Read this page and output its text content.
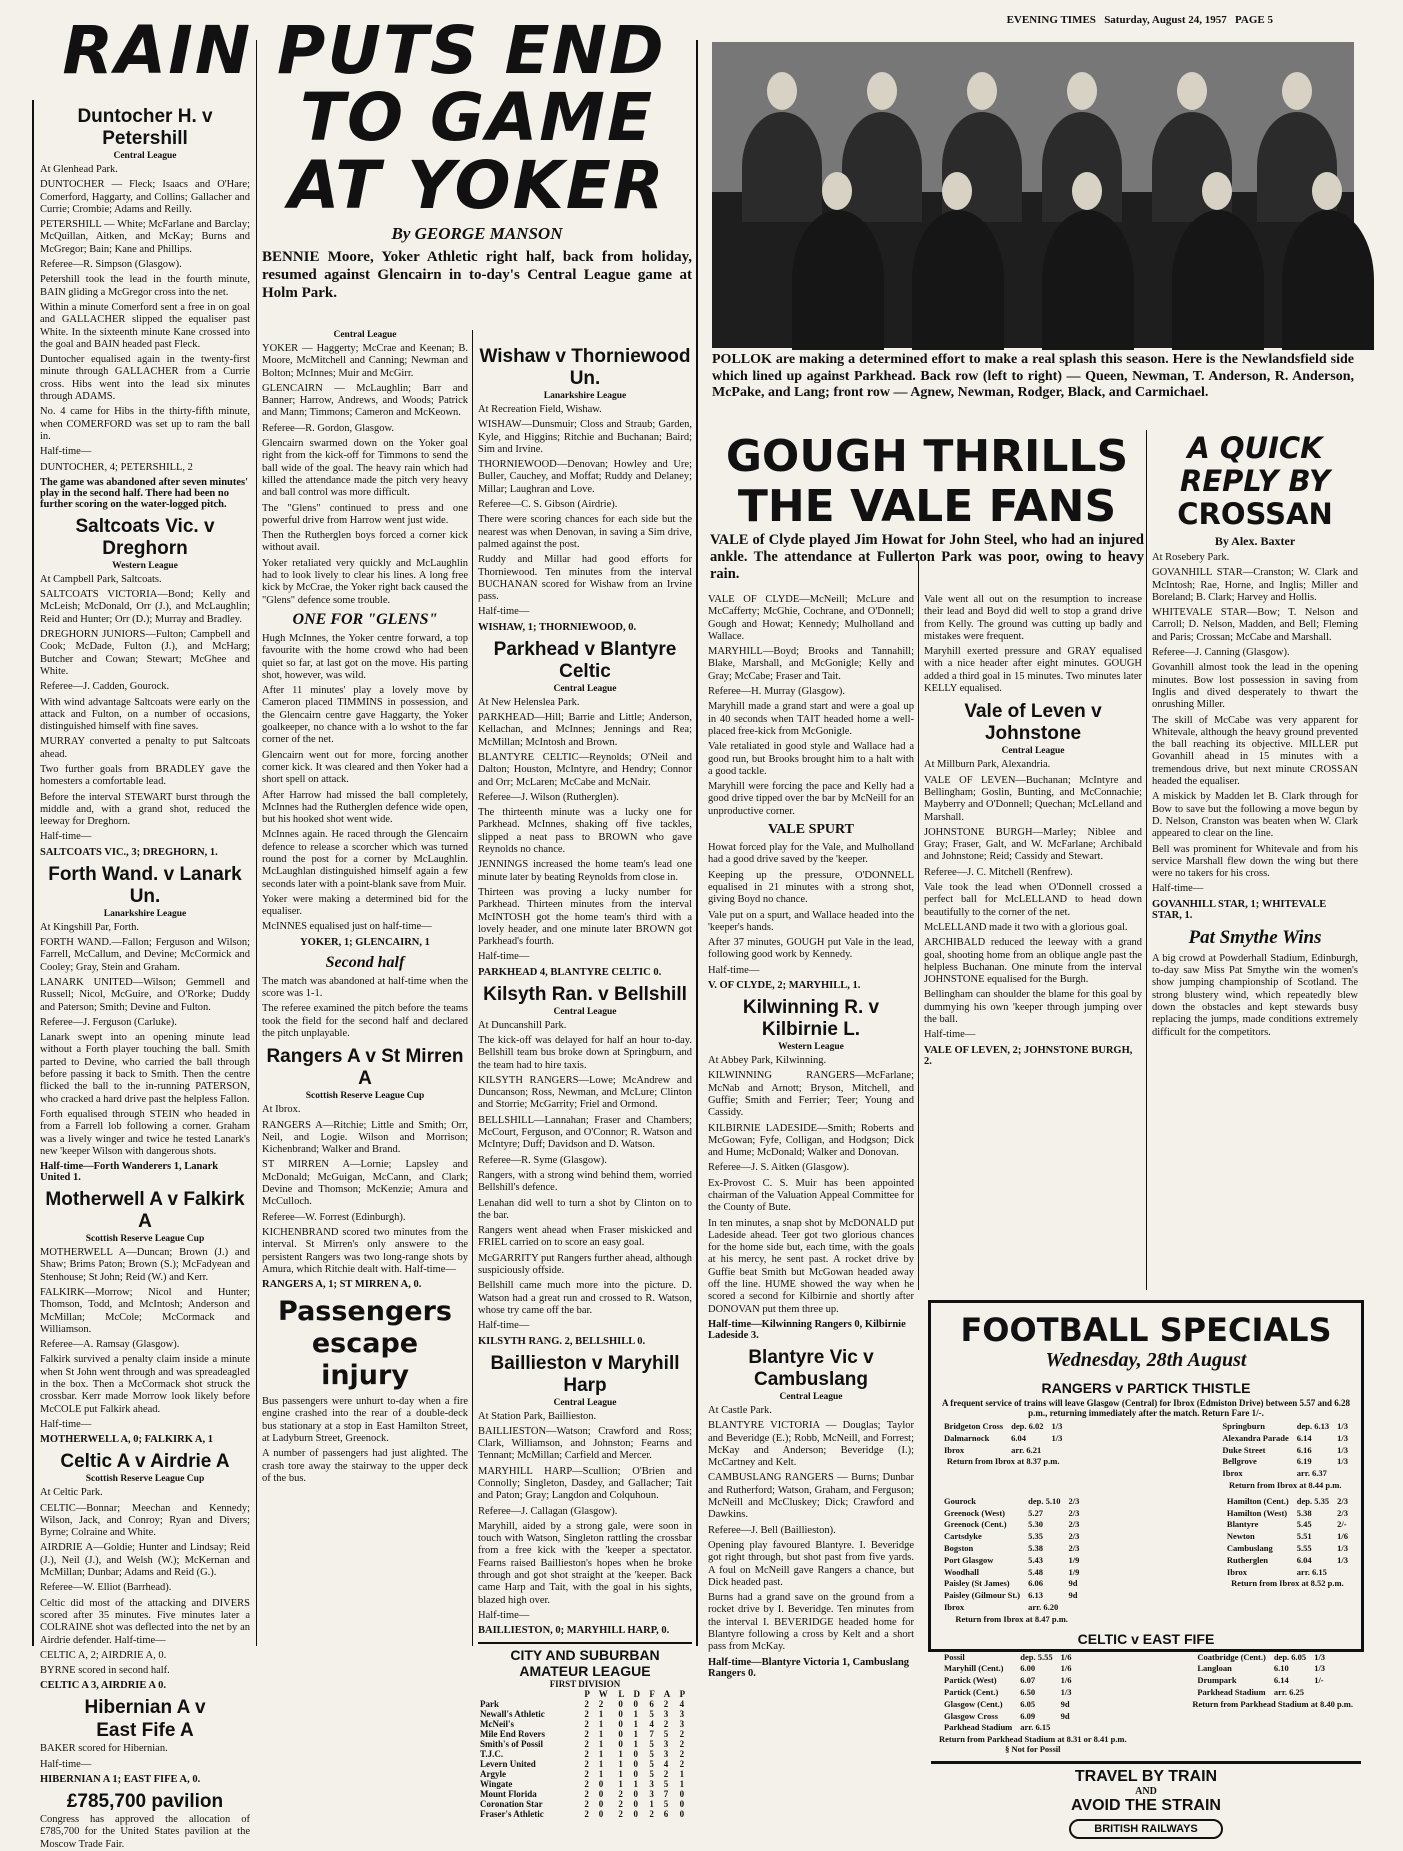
EVENING TIMES Saturday, August 24, 1957 PAGE 5
RAIN PUTS END
Duntocher H. v Petershill

Central League

At Glenhead Park.

DUNTOCHER — Fleck; Isaacs and O'Hare; Comerford, Haggarty, and Collins; Gallacher and Currie; Crombie; Adams and Reilly.

PETERSHILL — White; McFarlane and Barclay; McQuillan, Aitken, and McKay; Burns and McGregor; Bain; Kane and Phillips.

Referee—R. Simpson (Glasgow).

Petershill took the lead in the fourth minute, BAIN gliding a McGregor cross into the net.

Within a minute Comerford sent a free in on goal and GALLACHER slipped the equaliser past White. In the sixteenth minute Kane crossed into the goal and BAIN headed past Fleck.

Duntocher equalised again in the twenty-first minute through GALLACHER from a Currie cross. Hibs went into the lead six minutes through ADAMS.

No. 4 came for Hibs in the thirty-fifth minute, when COMERFORD was set up to ram the ball in.

Half-time—

DUNTOCHER, 4; PETERSHILL, 2

The game was abandoned after seven minutes' play in the second half. There had been no further scoring on the water-logged pitch.

Saltcoats Vic. v Dreghorn

Western League

At Campbell Park, Saltcoats.

SALTCOATS VICTORIA—Bond; Kelly and McLeish; McDonald, Orr (J.), and McLaughlin; Reid and Hunter; Orr (D.); Murray and Bradley.

DREGHORN JUNIORS—Fulton; Campbell and Cook; McDade, Fulton (J.), and McHarg; Butcher and Cowan; Stewart; McGhee and White.

Referee—J. Cadden, Gourock.

With wind advantage Saltcoats were early on the attack and Fulton, on a number of occasions, distinguished himself with fine saves.

MURRAY converted a penalty to put Saltcoats ahead.

Two further goals from BRADLEY gave the homesters a comfortable lead.

Before the interval STEWART burst through the middle and, with a grand shot, reduced the leeway for Dreghorn.

Half-time—

SALTCOATS VIC., 3; DREGHORN, 1.

Forth Wand. v Lanark Un.

Lanarkshire League

At Kingshill Par, Forth.

FORTH WAND.—Fallon; Ferguson and Wilson; Farrell, McCallum, and Devine; McCormick and Cooley; Gray, Stein and Graham.

LANARK UNITED—Wilson; Gemmell and Russell; Nicol, McGuire, and O'Rorke; Duddy and Paterson; Smith; Devine and Fulton.

Referee—J. Ferguson (Carluke).

Lanark swept into an opening minute lead without a Forth player touching the ball. Smith parted to Devine, who carried the ball through before passing it back to Smith. Then the centre flicked the ball to the in-running PATERSON, who cracked a hard drive past the helpless Fallon.

Forth equalised through STEIN who headed in from a Farrell lob following a corner. Graham was a lively winger and twice he tested Lanark's new 'keeper Wilson with dangerous shots.

Half-time—Forth Wanderers 1, Lanark United 1.

Motherwell A v Falkirk A

Scottish Reserve League Cup

MOTHERWELL A—Duncan; Brown (J.) and Shaw; Brims Paton; Brown (S.); McFadyean and Stenhouse; St John; Reid (W.) and Kerr.

FALKIRK—Morrow; Nicol and Hunter; Thomson, Todd, and McIntosh; Anderson and McMillan; McCole; McCormack and Williamson.

Referee—A. Ramsay (Glasgow).

Falkirk survived a penalty claim inside a minute when St John went through and was spreadeagled in the box. Then a McCormack shot struck the crossbar. Kerr made Morrow look likely before McCOLE put Falkirk ahead.

Half-time—

MOTHERWELL A, 0; FALKIRK A, 1

Celtic A v Airdrie A

Scottish Reserve League Cup

At Celtic Park.

CELTIC—Bonnar; Meechan and Kennedy; Wilson, Jack, and Conroy; Ryan and Divers; Byrne; Colraine and White.

AIRDRIE A—Goldie; Hunter and Lindsay; Reid (J.), Neil (J.), and Welsh (W.); McKernan and McMillan; Dunbar; Adams and Reid (G.).

Referee—W. Elliot (Barrhead).

Celtic did most of the attacking and DIVERS scored after 35 minutes. Five minutes later a COLRAINE shot was deflected into the net by an Airdrie defender. Half-time—

CELTIC A, 2; AIRDRIE A, 0.

BYRNE scored in second half.

CELTIC A 3, AIRDRIE A 0.

Hibernian A v
East Fife A

BAKER scored for Hibernian.

Half-time—

HIBERNIAN A 1; EAST FIFE A, 0.

£785,700 pavilion

Congress has approved the allocation of £785,700 for the United States pavilion at the Moscow Trade Fair.

TO GAME
AT YOKER
By GEORGE MANSON

BENNIE Moore, Yoker Athletic right half, back from holiday, resumed against Glencairn in to-day's Central League game at Holm Park.

Central League

YOKER — Haggerty; McCrae and Keenan; B. Moore, McMitchell and Canning; Newman and Bolton; McInnes; Muir and McGirr.

GLENCAIRN — McLaughlin; Barr and Banner; Harrow, Andrews, and Woods; Patrick and Mann; Timmons; Cameron and McKeown.

Referee—R. Gordon, Glasgow.

Glencairn swarmed down on the Yoker goal right from the kick-off for Timmons to send the ball wide of the goal. The heavy rain which had killed the attendance made the pitch very heavy and ball control was more difficult.

The "Glens" continued to press and one powerful drive from Harrow went just wide.

Then the Rutherglen boys forced a corner kick without avail.

Yoker retaliated very quickly and McLaughlin had to look lively to clear his lines. A long free kick by McCrae, the Yoker right back caused the "Glens" defence some trouble.

ONE FOR "GLENS"

Hugh McInnes, the Yoker centre forward, a top favourite with the home crowd who had been quiet so far, at last got on the move. His parting shot, however, was wild.

After 11 minutes' play a lovely move by Cameron placed TIMMINS in possession, and the Glencairn centre gave Haggarty, the Yoker goalkeeper, no chance with a lo wshot to the far corner of the net.

Glencairn went out for more, forcing another corner kick. It was cleared and then Yoker had a short spell on attack.

After Harrow had missed the ball completely, McInnes had the Rutherglen defence wide open, but his hooked shot went wide.

McInnes again. He raced through the Glencairn defence to release a scorcher which was turned round the post for a corner by McLaughlin. McLaughlan distinguished himself again a few seconds later with a point-blank save from Muir.

Yoker were making a determined bid for the equaliser.

McINNES equalised just on half-time—

YOKER, 1; GLENCAIRN, 1

Second half

The match was abandoned at half-time when the score was 1-1.

The referee examined the pitch before the teams took the field for the second half and declared the pitch unplayable.

Rangers A v St Mirren A

Scottish Reserve League Cup

At Ibrox.

RANGERS A—Ritchie; Little and Smith; Orr, Neil, and Logie. Wilson and Morrison; Kichenbrand; Walker and Brand.

ST MIRREN A—Lornie; Lapsley and McDonald; McGuigan, McCann, and Clark; Devine and Thomson; McKenzie; Amura and McCulloch.

Referee—W. Forrest (Edinburgh).

KICHENBRAND scored two minutes from the interval. St Mirren's only answere to the persistent Rangers was two long-range shots by Amura, which Ritchie dealt with. Half-time—

RANGERS A, 1; ST MIRREN A, 0.

Passengers
escape
injury

Bus passengers were unhurt to-day when a fire engine crashed into the rear of a double-deck bus stationary at a stop in East Hamilton Street, at Ladyburn Street, Greenock.

A number of passengers had just alighted. The crash tore away the stairway to the upper deck of the bus.

Wishaw v Thorniewood Un.

Lanarkshire League

At Recreation Field, Wishaw.

WISHAW—Dunsmuir; Closs and Straub; Garden, Kyle, and Higgins; Ritchie and Buchanan; Baird; Sim and Irvine.

THORNIEWOOD—Denovan; Howley and Ure; Buller, Cauchey, and Moffat; Ruddy and Delaney; Millar; Laughran and Love.

Referee—C. S. Gibson (Airdrie).

There were scoring chances for each side but the nearest was when Denovan, in saving a Sim drive, palmed against the post.

Ruddy and Millar had good efforts for Thorniewood. Ten minutes from the interval BUCHANAN scored for Wishaw from an Irvine pass.

Half-time—

WISHAW, 1; THORNIEWOOD, 0.

Parkhead v Blantyre Celtic

Central League

At New Helenslea Park.

PARKHEAD—Hill; Barrie and Little; Anderson, Kellachan, and McInnes; Jennings and Rea; McMillan; McIntosh and Brown.

BLANTYRE CELTIC—Reynolds; O'Neil and Dalton; Houston, McIntyre, and Hendry; Connor and Orr; McLaren; McCabe and McNair.

Referee—J. Wilson (Rutherglen).

The thirteenth minute was a lucky one for Parkhead. McInnes, shaking off five tackles, slipped a neat pass to BROWN who gave Reynolds no chance.

JENNINGS increased the home team's lead one minute later by beating Reynolds from close in.

Thirteen was proving a lucky number for Parkhead. Thirteen minutes from the interval McINTOSH got the home team's third with a lovely header, and one minute later BROWN got Parkhead's fourth.

Half-time—

PARKHEAD 4, BLANTYRE CELTIC 0.

Kilsyth Ran. v Bellshill

Central League

At Duncanshill Park.

The kick-off was delayed for half an hour to-day. Bellshill team bus broke down at Springburn, and the team had to hire taxis.

KILSYTH RANGERS—Lowe; McAndrew and Duncanson; Ross, Newman, and McLure; Clinton and Storrie; McGarrity; Friel and Ormond.

BELLSHILL—Lannahan; Fraser and Chambers; McCourt, Ferguson, and O'Connor; R. Watson and McIntyre; Duff; Davidson and D. Watson.

Referee—R. Syme (Glasgow).

Rangers, with a strong wind behind them, worried Bellshill's defence.

Lenahan did well to turn a shot by Clinton on to the bar.

Rangers went ahead when Fraser miskicked and FRIEL carried on to score an easy goal.

McGARRITY put Rangers further ahead, although suspiciously offside.

Bellshill came much more into the picture. D. Watson had a great run and crossed to R. Watson, whose try came off the bar.

Half-time—

KILSYTH RANG. 2, BELLSHILL 0.

Baillieston v Maryhill Harp

Central League

At Station Park, Baillieston.

BAILLIESTON—Watson; Crawford and Ross; Clark, Williamson, and Johnston; Fearns and Tennant; McMillan; Carfield and Mercer.

MARYHILL HARP—Scullion; O'Brien and Connolly; Singleton, Dasdey, and Gallacher; Tait and Paton; Gray; Langdon and Colquhoun.

Referee—J. Callagan (Glasgow).

Maryhill, aided by a strong gale, were soon in touch with Watson, Singleton rattling the crossbar from a free kick with the 'keeper a spectator. Fearns raised Baillieston's hopes when he broke through and got shot straight at the 'keeper. Back came Harp and Tait, with the goal in his sights, blazed high over.

Half-time—

BAILLIESTON, 0; MARYHILL HARP, 0.

CITY AND SUBURBAN
AMATEUR LEAGUE
FIRST DIVISION
	P	W	L	D	F	A	P
Park	2	2	0	0	6	2	4
Newall's Athletic	2	1	0	1	5	3	3
McNeil's	2	1	0	1	4	2	3
Mile End Rovers	2	1	0	1	7	5	2
Smith's of Possil	2	1	0	1	5	3	2
T.J.C.	2	1	1	0	5	3	2
Levern United	2	1	1	0	5	4	2
Argyle	2	1	1	0	5	2	1
Wingate	2	0	1	1	3	5	1
Mount Florida	2	0	2	0	3	7	0
Coronation Star	2	0	2	0	1	5	0
Fraser's Athletic	2	0	2	0	2	6	0

POLLOK are making a determined effort to make a real splash this season. Here is the Newlandsfield side which lined up against Parkhead. Back row (left to right) — Queen, Newman, T. Anderson, R. Anderson, McPake, and Lang; front row — Agnew, Newman, Rodger, Black, and Carmichael.

GOUGH THRILLS
THE VALE FANS

VALE of Clyde played Jim Howat for John Steel, who had an injured ankle. The attendance at Fullerton Park was poor, owing to heavy rain.

VALE OF CLYDE—McNeill; McLure and McCafferty; McGhie, Cochrane, and O'Donnell; Gough and Howat; Kennedy; Mulholland and Wallace.

MARYHILL—Boyd; Brooks and Tannahill; Blake, Marshall, and McGonigle; Kelly and Gray; McCabe; Fraser and Tait.

Referee—H. Murray (Glasgow).

Maryhill made a grand start and were a goal up in 40 seconds when TAIT headed home a well-placed free-kick from McGonigle.

Vale retaliated in good style and Wallace had a good run, but Brooks brought him to a halt with a good tackle.

Maryhill were forcing the pace and Kelly had a good drive tipped over the bar by McNeill for an unproductive corner.

VALE SPURT

Howat forced play for the Vale, and Mulholland had a good drive saved by the 'keeper.

Keeping up the pressure, O'DONNELL equalised in 21 minutes with a strong shot, giving Boyd no chance.

Vale put on a spurt, and Wallace headed into the 'keeper's hands.

After 37 minutes, GOUGH put Vale in the lead, following good work by Kennedy.

Half-time—

V. OF CLYDE, 2; MARYHILL, 1.

Kilwinning R. v Kilbirnie L.

Western League

At Abbey Park, Kilwinning.

KILWINNING RANGERS—McFarlane; McNab and Arnott; Bryson, Mitchell, and Guffie; Smith and Ferrier; Teer; Young and Cassidy.

KILBIRNIE LADESIDE—Smith; Roberts and McGowan; Fyfe, Colligan, and Hodgson; Dick and Hume; McDonald; Walker and Donovan.

Referee—J. S. Aitken (Glasgow).

Ex-Provost C. S. Muir has been appointed chairman of the Valuation Appeal Committee for the County of Bute.

In ten minutes, a snap shot by McDONALD put Ladeside ahead. Teer got two glorious chances for the home side but, each time, with the goals at his mercy, he sent past. A rocket drive by Guffie beat Smith but McGowan headed away off the line. HUME showed the way when he scored a second for Kilbirnie and shortly after DONOVAN put them three up.

Half-time—Kilwinning Rangers 0, Kilbirnie Ladeside 3.

Blantyre Vic v Cambuslang

Central League

At Castle Park.

BLANTYRE VICTORIA — Douglas; Taylor and Beveridge (E.); Robb, McNeill, and Forrest; McKay and Anderson; Beveridge (I.); McCartney and Kelt.

CAMBUSLANG RANGERS — Burns; Dunbar and Rutherford; Watson, Graham, and Ferguson; McNeill and McCluskey; Dick; Crawford and Dawkins.

Referee—J. Bell (Baillieston).

Opening play favoured Blantyre. I. Beveridge got right through, but shot past from five yards. A foul on McNeill gave Rangers a chance, but Dick headed past.

Burns had a grand save on the ground from a rocket drive by I. Beveridge. Ten minutes from the interval I. BEVERIDGE headed home for Blantyre following a cross by Kelt and a short pass from McKay.

Half-time—Blantyre Victoria 1, Cambuslang Rangers 0.

Vale went all out on the resumption to increase their lead and Boyd did well to stop a grand drive from Kelly. The ground was cutting up badly and mistakes were frequent.

Maryhill exerted pressure and GRAY equalised with a nice header after eight minutes. GOUGH added a third goal in 15 minutes. Two minutes later KELLY equalised.

Vale of Leven v Johnstone

Central League

At Millburn Park, Alexandria.

VALE OF LEVEN—Buchanan; McIntyre and Bellingham; Goslin, Bunting, and McConnachie; Mayberry and O'Donnell; Quechan; McLelland and Marshall.

JOHNSTONE BURGH—Marley; Niblee and Gray; Fraser, Galt, and W. McFarlane; Archibald and Johnstone; Reid; Cassidy and Stewart.

Referee—J. C. Mitchell (Renfrew).

Vale took the lead when O'Donnell crossed a perfect ball for McLELLAND to head down beautifully to the corner of the net.

McLELLAND made it two with a glorious goal.

ARCHIBALD reduced the leeway with a grand goal, shooting home from an oblique angle past the helpless Buchanan. One minute from the interval JOHNSTONE equalised for the Burgh.

Bellingham can shoulder the blame for this goal by dummying his own 'keeper through jumping over the ball.

Half-time—

VALE OF LEVEN, 2; JOHNSTONE BURGH, 2.

A QUICK
REPLY BY
CROSSAN
By Alex. Baxter

At Rosebery Park.

GOVANHILL STAR—Cranston; W. Clark and McIntosh; Rae, Horne, and Inglis; Miller and Boreland; B. Clark; Harvey and Hollis.

WHITEVALE STAR—Bow; T. Nelson and Carroll; D. Nelson, Madden, and Bell; Fleming and Paris; Crossan; McCabe and Marshall.

Referee—J. Canning (Glasgow).

Govanhill almost took the lead in the opening minutes. Bow lost possession in saving from Inglis and dived desperately to thwart the onrushing Miller.

The skill of McCabe was very apparent for Whitevale, although the heavy ground prevented the ball reaching its objective. MILLER put Govanhill ahead in 15 minutes with a tremendous drive, but next minute CROSSAN headed the equaliser.

A miskick by Madden let B. Clark through for Bow to save but the following a move begun by D. Nelson, Cranston was beaten when W. Clark appeared to clear on the line.

Bell was prominent for Whitevale and from his service Marshall flew down the wing but there were no takers for his cross.

Half-time—

GOVANHILL STAR, 1; WHITEVALE STAR, 1.

Pat Smythe Wins

A big crowd at Powderhall Stadium, Edinburgh, to-day saw Miss Pat Smythe win the women's show jumping championship of Scotland. The strong blustery wind, which repeatedly blew down the obstacles and kept stewards busy replacing the jumps, made conditions extremely difficult for the competitors.

FOOTBALL SPECIALS
Wednesday, 28th August
RANGERS v PARTICK THISTLE
A frequent service of trains will leave Glasgow (Central) for Ibrox (Edmiston Drive) between 5.57 and 6.28 p.m., returning immediately after the match. Return Fare 1/-.
Bridgeton Cross	dep. 6.02	1/3
Dalmarnock	6.04	1/3
Ibrox	arr. 6.21	
Return from Ibrox at 8.37 p.m.
Springburn	dep. 6.13	1/3
Alexandra Parade	6.14	1/3
Duke Street	6.16	1/3
Bellgrove	6.19	1/3
Ibrox	arr. 6.37	
Return from Ibrox at 8.44 p.m.
Gourock	dep. 5.10	2/3
Greenock (West)	5.27	2/3
Greenock (Cent.)	5.30	2/3
Cartsdyke	5.35	2/3
Bogston	5.38	2/3
Port Glasgow	5.43	1/9
Woodhall	5.48	1/9
Paisley (St James)	6.06	9d
Paisley (Gilmour St.)	6.13	9d
Ibrox	arr. 6.20	
Return from Ibrox at 8.47 p.m.
Hamilton (Cent.)	dep. 5.35	2/3
Hamilton (West)	5.38	2/3
Blantyre	5.45	2/-
Newton	5.51	1/6
Cambuslang	5.55	1/3
Rutherglen	6.04	1/3
Ibrox	arr. 6.15	
Return from Ibrox at 8.52 p.m.
CELTIC v EAST FIFE
Possil	dep. 5.55	1/6
Maryhill (Cent.)	6.00	1/6
Partick (West)	6.07	1/6
Partick (Cent.)	6.50	1/3
Glasgow (Cent.)	6.05	9d
Glasgow Cross	6.09	9d
Parkhead Stadium	arr. 6.15	
Return from Parkhead Stadium at 8.31 or 8.41 p.m.
§ Not for Possil
Coatbridge (Cent.)	dep. 6.05	1/3
Langloan	6.10	1/3
Drumpark	6.14	1/-
Parkhead Stadium	arr. 6.25	
Return from Parkhead Stadium at 8.40 p.m.
TRAVEL BY TRAIN
AND
AVOID THE STRAIN
BRITISH RAILWAYS
